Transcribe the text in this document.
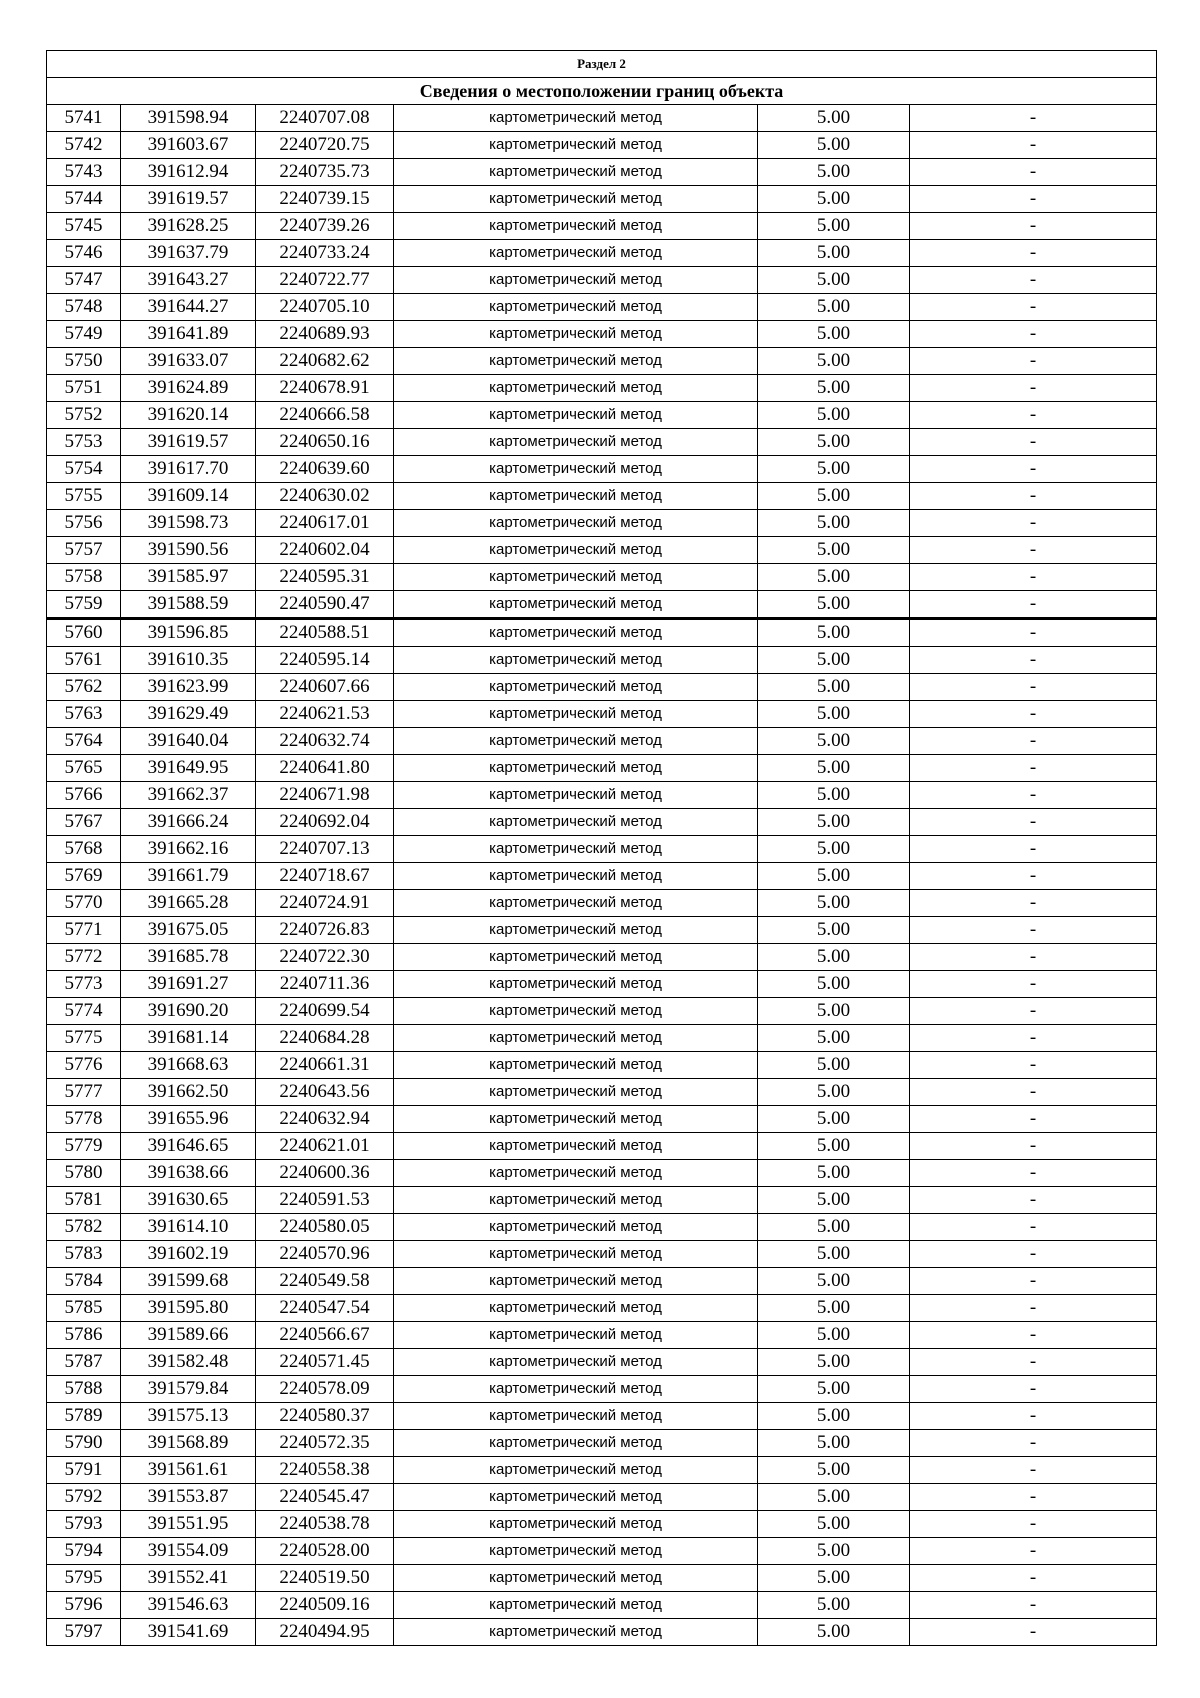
Раздел 2					
Сведения о местоположении границ объекта					
5741	391598.94	2240707.08	картометрический метод	5.00	-
5742	391603.67	2240720.75	картометрический метод	5.00	-
5743	391612.94	2240735.73	картометрический метод	5.00	-
5744	391619.57	2240739.15	картометрический метод	5.00	-
5745	391628.25	2240739.26	картометрический метод	5.00	-
5746	391637.79	2240733.24	картометрический метод	5.00	-
5747	391643.27	2240722.77	картометрический метод	5.00	-
5748	391644.27	2240705.10	картометрический метод	5.00	-
5749	391641.89	2240689.93	картометрический метод	5.00	-
5750	391633.07	2240682.62	картометрический метод	5.00	-
5751	391624.89	2240678.91	картометрический метод	5.00	-
5752	391620.14	2240666.58	картометрический метод	5.00	-
5753	391619.57	2240650.16	картометрический метод	5.00	-
5754	391617.70	2240639.60	картометрический метод	5.00	-
5755	391609.14	2240630.02	картометрический метод	5.00	-
5756	391598.73	2240617.01	картометрический метод	5.00	-
5757	391590.56	2240602.04	картометрический метод	5.00	-
5758	391585.97	2240595.31	картометрический метод	5.00	-
5759	391588.59	2240590.47	картометрический метод	5.00	-
5760	391596.85	2240588.51	картометрический метод	5.00	-
5761	391610.35	2240595.14	картометрический метод	5.00	-
5762	391623.99	2240607.66	картометрический метод	5.00	-
5763	391629.49	2240621.53	картометрический метод	5.00	-
5764	391640.04	2240632.74	картометрический метод	5.00	-
5765	391649.95	2240641.80	картометрический метод	5.00	-
5766	391662.37	2240671.98	картометрический метод	5.00	-
5767	391666.24	2240692.04	картометрический метод	5.00	-
5768	391662.16	2240707.13	картометрический метод	5.00	-
5769	391661.79	2240718.67	картометрический метод	5.00	-
5770	391665.28	2240724.91	картометрический метод	5.00	-
5771	391675.05	2240726.83	картометрический метод	5.00	-
5772	391685.78	2240722.30	картометрический метод	5.00	-
5773	391691.27	2240711.36	картометрический метод	5.00	-
5774	391690.20	2240699.54	картометрический метод	5.00	-
5775	391681.14	2240684.28	картометрический метод	5.00	-
5776	391668.63	2240661.31	картометрический метод	5.00	-
5777	391662.50	2240643.56	картометрический метод	5.00	-
5778	391655.96	2240632.94	картометрический метод	5.00	-
5779	391646.65	2240621.01	картометрический метод	5.00	-
5780	391638.66	2240600.36	картометрический метод	5.00	-
5781	391630.65	2240591.53	картометрический метод	5.00	-
5782	391614.10	2240580.05	картометрический метод	5.00	-
5783	391602.19	2240570.96	картометрический метод	5.00	-
5784	391599.68	2240549.58	картометрический метод	5.00	-
5785	391595.80	2240547.54	картометрический метод	5.00	-
5786	391589.66	2240566.67	картометрический метод	5.00	-
5787	391582.48	2240571.45	картометрический метод	5.00	-
5788	391579.84	2240578.09	картометрический метод	5.00	-
5789	391575.13	2240580.37	картометрический метод	5.00	-
5790	391568.89	2240572.35	картометрический метод	5.00	-
5791	391561.61	2240558.38	картометрический метод	5.00	-
5792	391553.87	2240545.47	картометрический метод	5.00	-
5793	391551.95	2240538.78	картометрический метод	5.00	-
5794	391554.09	2240528.00	картометрический метод	5.00	-
5795	391552.41	2240519.50	картометрический метод	5.00	-
5796	391546.63	2240509.16	картометрический метод	5.00	-
5797	391541.69	2240494.95	картометрический метод	5.00	-
